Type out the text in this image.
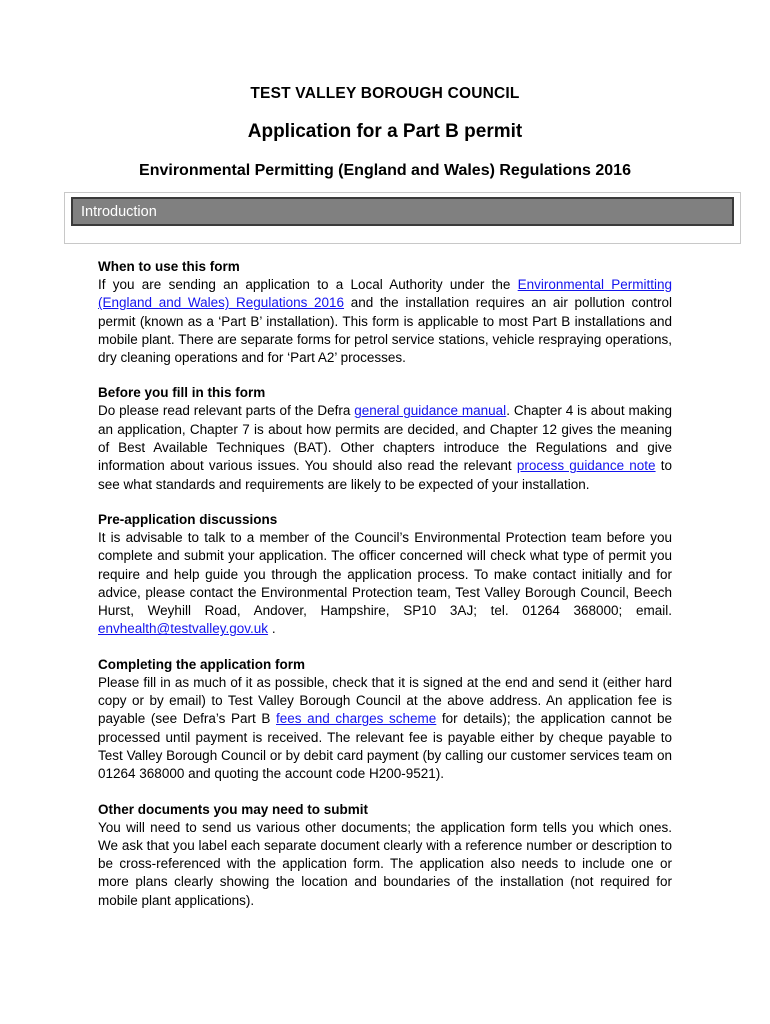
TEST VALLEY BOROUGH COUNCIL
Application for a Part B permit
Environmental Permitting (England and Wales) Regulations 2016
Introduction
When to use this form

If you are sending an application to a Local Authority under the Environmental Permitting (England and Wales) Regulations 2016 and the installation requires an air pollution control permit (known as a ‘Part B’ installation). This form is applicable to most Part B installations and mobile plant. There are separate forms for petrol service stations, vehicle respraying operations, dry cleaning operations and for ‘Part A2’ processes.

Before you fill in this form

Do please read relevant parts of the Defra general guidance manual. Chapter 4 is about making an application, Chapter 7 is about how permits are decided, and Chapter 12 gives the meaning of Best Available Techniques (BAT). Other chapters introduce the Regulations and give information about various issues. You should also read the relevant process guidance note to see what standards and requirements are likely to be expected of your installation.

Pre-application discussions

It is advisable to talk to a member of the Council’s Environmental Protection team before you complete and submit your application. The officer concerned will check what type of permit you require and help guide you through the application process. To make contact initially and for advice, please contact the Environmental Protection team, Test Valley Borough Council, Beech Hurst, Weyhill Road, Andover, Hampshire, SP10 3AJ; tel. 01264 368000; email. envhealth@testvalley.gov.uk .

Completing the application form

Please fill in as much of it as possible, check that it is signed at the end and send it (either hard copy or by email) to Test Valley Borough Council at the above address. An application fee is payable (see Defra’s Part B fees and charges scheme for details); the application cannot be processed until payment is received. The relevant fee is payable either by cheque payable to Test Valley Borough Council or by debit card payment (by calling our customer services team on 01264 368000 and quoting the account code H200-9521).

Other documents you may need to submit

You will need to send us various other documents; the application form tells you which ones. We ask that you label each separate document clearly with a reference number or description to be cross-referenced with the application form. The application also needs to include one or more plans clearly showing the location and boundaries of the installation (not required for mobile plant applications).
